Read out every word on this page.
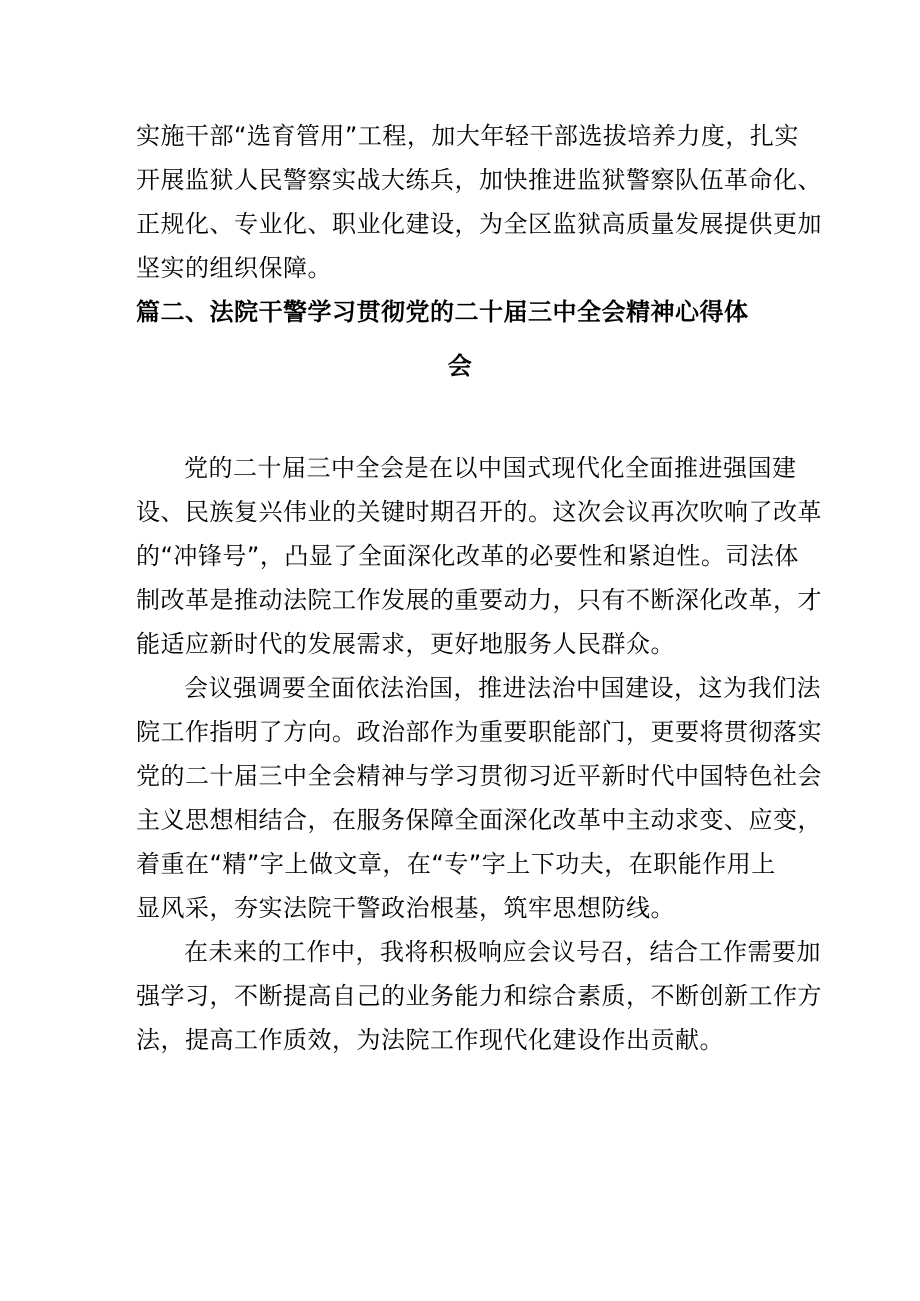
实施干部“选育管用”工程，加大年轻干部选拔培养力度，扎实
开展监狱人民警察实战大练兵，加快推进监狱警察队伍革命化、
正规化、专业化、职业化建设，为全区监狱高质量发展提供更加
坚实的组织保障。
篇二、法院干警学习贯彻党的二十届三中全会精神心得体
会
党的二十届三中全会是在以中国式现代化全面推进强国建
设、民族复兴伟业的关键时期召开的。这次会议再次吹响了改革
的“冲锋号”，凸显了全面深化改革的必要性和紧迫性。司法体
制改革是推动法院工作发展的重要动力，只有不断深化改革，才
能适应新时代的发展需求，更好地服务人民群众。
会议强调要全面依法治国，推进法治中国建设，这为我们法
院工作指明了方向。政治部作为重要职能部门，更要将贯彻落实
党的二十届三中全会精神与学习贯彻习近平新时代中国特色社会
主义思想相结合，在服务保障全面深化改革中主动求变、应变，
着重在“精”字上做文章，在“专”字上下功夫，在职能作用上
显风采，夯实法院干警政治根基，筑牢思想防线。
在未来的工作中，我将积极响应会议号召，结合工作需要加
强学习，不断提高自己的业务能力和综合素质，不断创新工作方
法，提高工作质效，为法院工作现代化建设作出贡献。
